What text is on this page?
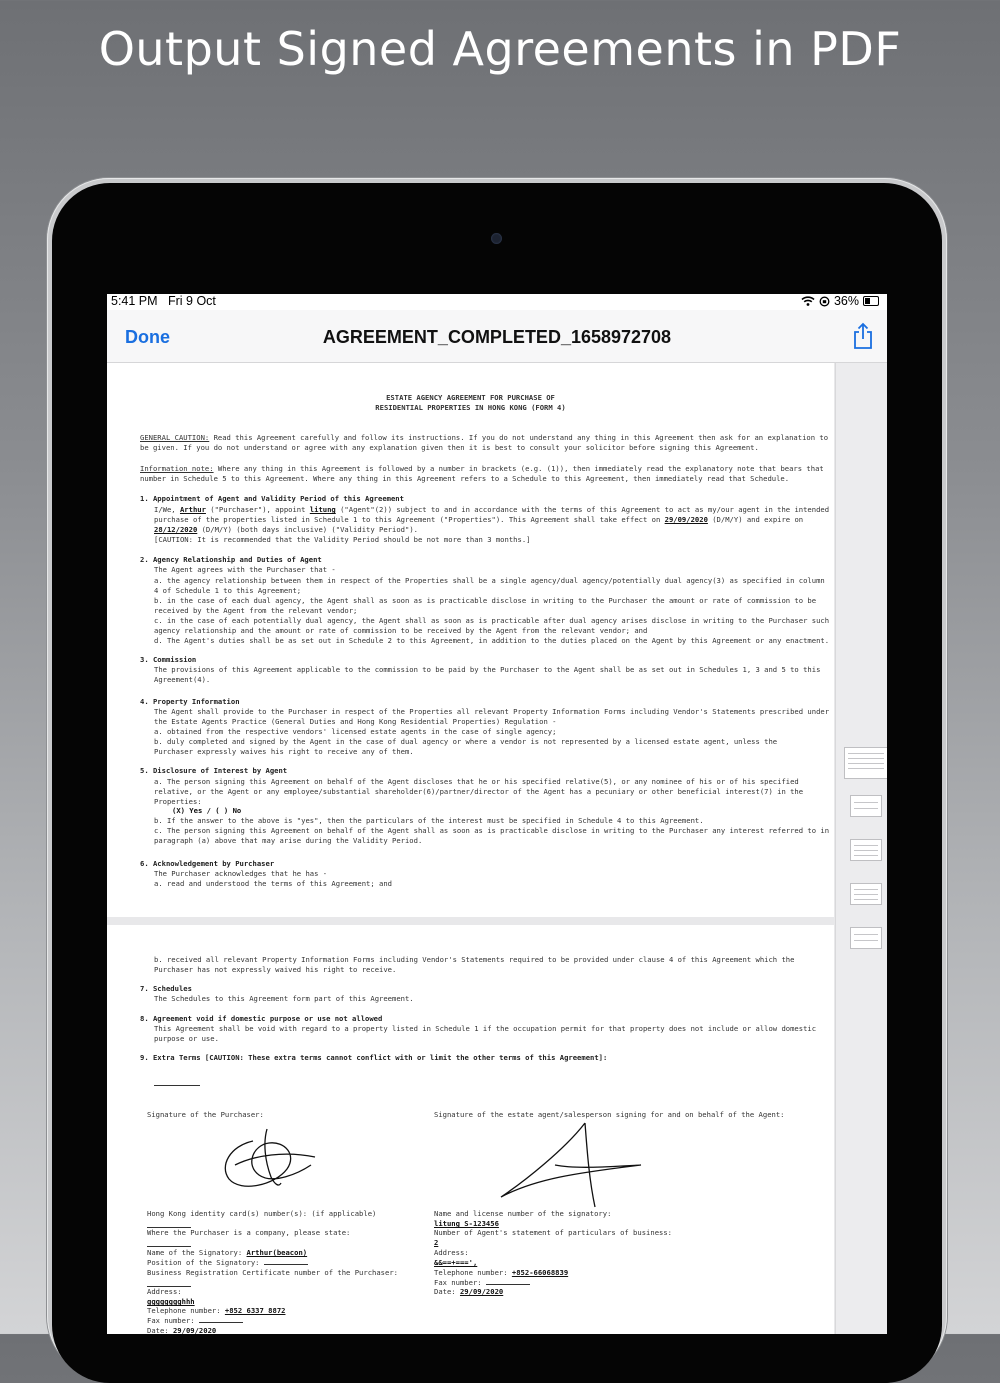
Output Signed Agreements in PDF
5:41 PM Fri 9 Oct	36%
Done	AGREEMENT_COMPLETED_1658972708
ESTATE AGENCY AGREEMENT FOR PURCHASE OF
RESIDENTIAL PROPERTIES IN HONG KONG (FORM 4)
GENERAL CAUTION: Read this Agreement carefully and follow its instructions. If you do not understand any thing in this Agreement then ask for an explanation to be given. If you do not understand or agree with any explanation given then it is best to consult your solicitor before signing this Agreement.
Information note: Where any thing in this Agreement is followed by a number in brackets (e.g. (1)), then immediately read the explanatory note that bears that number in Schedule 5 to this Agreement. Where any thing in this Agreement refers to a Schedule to this Agreement, then immediately read that Schedule.
1. Appointment of Agent and Validity Period of this Agreement
I/We, Arthur ("Purchaser"), appoint litung ("Agent"(2)) subject to and in accordance with the terms of this Agreement to act as my/our agent in the intended purchase of the properties listed in Schedule 1 to this Agreement ("Properties"). This Agreement shall take effect on 29/09/2020 (D/M/Y) and expire on 28/12/2020 (D/M/Y) (both days inclusive) ("Validity Period").
[CAUTION: It is recommended that the Validity Period should be not more than 3 months.]
2. Agency Relationship and Duties of Agent
The Agent agrees with the Purchaser that -
a. the agency relationship between them in respect of the Properties shall be a single agency/dual agency/potentially dual agency(3) as specified in column 4 of Schedule 1 to this Agreement;
b. in the case of each dual agency, the Agent shall as soon as is practicable disclose in writing to the Purchaser the amount or rate of commission to be received by the Agent from the relevant vendor;
c. in the case of each potentially dual agency, the Agent shall as soon as is practicable after dual agency arises disclose in writing to the Purchaser such agency relationship and the amount or rate of commission to be received by the Agent from the relevant vendor; and
d. The Agent's duties shall be as set out in Schedule 2 to this Agreement, in addition to the duties placed on the Agent by this Agreement or any enactment.
3. Commission
The provisions of this Agreement applicable to the commission to be paid by the Purchaser to the Agent shall be as set out in Schedules 1, 3 and 5 to this Agreement(4).
4. Property Information
The Agent shall provide to the Purchaser in respect of the Properties all relevant Property Information Forms including Vendor's Statements prescribed under the Estate Agents Practice (General Duties and Hong Kong Residential Properties) Regulation -
a. obtained from the respective vendors' licensed estate agents in the case of single agency;
b. duly completed and signed by the Agent in the case of dual agency or where a vendor is not represented by a licensed estate agent, unless the Purchaser expressly waives his right to receive any of them.
5. Disclosure of Interest by Agent
a. The person signing this Agreement on behalf of the Agent discloses that he or his specified relative(5), or any nominee of his or of his specified relative, or the Agent or any employee/substantial shareholder(6)/partner/director of the Agent has a pecuniary or other beneficial interest(7) in the Properties:
(X) Yes / ( ) No
b. If the answer to the above is "yes", then the particulars of the interest must be specified in Schedule 4 to this Agreement.
c. The person signing this Agreement on behalf of the Agent shall as soon as is practicable disclose in writing to the Purchaser any interest referred to in paragraph (a) above that may arise during the Validity Period.
6. Acknowledgement by Purchaser
The Purchaser acknowledges that he has -
a. read and understood the terms of this Agreement; and
b. received all relevant Property Information Forms including Vendor's Statements required to be provided under clause 4 of this Agreement which the Purchaser has not expressly waived his right to receive.
7. Schedules
The Schedules to this Agreement form part of this Agreement.
8. Agreement void if domestic purpose or use not allowed
This Agreement shall be void with regard to a property listed in Schedule 1 if the occupation permit for that property does not include or allow domestic purpose or use.
9. Extra Terms [CAUTION: These extra terms cannot conflict with or limit the other terms of this Agreement]:
Signature of the Purchaser:	Signature of the estate agent/salesperson signing for and on behalf of the Agent:
Hong Kong identity card(s) number(s): (if applicable)
Where the Purchaser is a company, please state:
Name of the Signatory: Arthur(beacon)
Position of the Signatory:
Business Registration Certificate number of the Purchaser:
Address:
gggggggghhh
Telephone number: +852 6337 8872
Fax number:
Date: 29/09/2020
Name and license number of the signatory:
litung S-123456
Number of Agent's statement of particulars of business:
2
Address:
&&==+===',
Telephone number: +852-66068839
Fax number:
Date: 29/09/2020
